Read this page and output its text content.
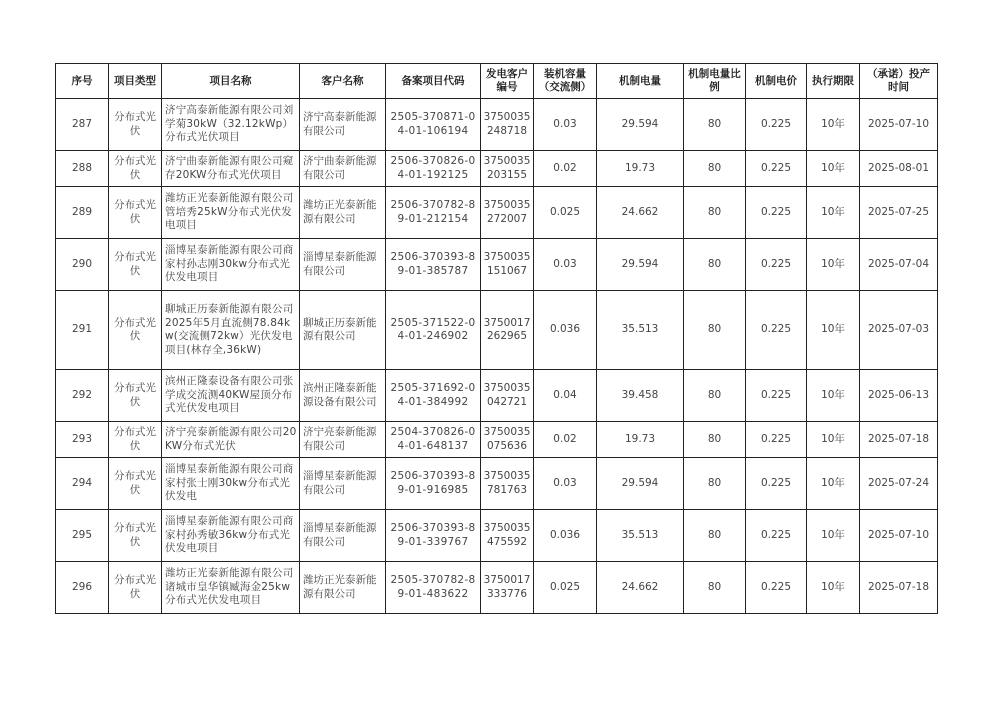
序号	项目类型	项目名称	客户名称	备案项目代码	发电客户编号	装机容量（交流侧）	机制电量	机制电量比例	机制电价	执行期限	（承诺）投产时间
287	分布式光伏	济宁高泰新能源有限公司刘学菊30kW（32.12kWp）分布式光伏项目	济宁高泰新能源有限公司	2505-370871-04-01-106194	3750035248718	0.03	29.594	80	0.225	10年	2025-07-10
288	分布式光伏	济宁曲泰新能源有限公司窥存20KW分布式光伏项目	济宁曲泰新能源有限公司	2506-370826-04-01-192125	3750035203155	0.02	19.73	80	0.225	10年	2025-08-01
289	分布式光伏	潍坊正光泰新能源有限公司管培秀25kW分布式光伏发电项目	潍坊正光泰新能源有限公司	2506-370782-89-01-212154	3750035272007	0.025	24.662	80	0.225	10年	2025-07-25
290	分布式光伏	淄博星泰新能源有限公司商家村孙志刚30kw分布式光伏发电项目	淄博星泰新能源有限公司	2506-370393-89-01-385787	3750035151067	0.03	29.594	80	0.225	10年	2025-07-04
291	分布式光伏	聊城正历泰新能源有限公司2025年5月直流侧78.84kw(交流侧72kw）光伏发电项目(林存全,36kW)	聊城正历泰新能源有限公司	2505-371522-04-01-246902	3750017262965	0.036	35.513	80	0.225	10年	2025-07-03
292	分布式光伏	滨州正隆泰设备有限公司张学成交流测40KW屋顶分布式光伏发电项目	滨州正隆泰新能源设备有限公司	2505-371692-04-01-384992	3750035042721	0.04	39.458	80	0.225	10年	2025-06-13
293	分布式光伏	济宁亮泰新能源有限公司20KW分布式光伏	济宁亮泰新能源有限公司	2504-370826-04-01-648137	3750035075636	0.02	19.73	80	0.225	10年	2025-07-18
294	分布式光伏	淄博星泰新能源有限公司商家村张士刚30kw分布式光伏发电	淄博星泰新能源有限公司	2506-370393-89-01-916985	3750035781763	0.03	29.594	80	0.225	10年	2025-07-24
295	分布式光伏	淄博星泰新能源有限公司商家村孙秀敏36kw分布式光伏发电项目	淄博星泰新能源有限公司	2506-370393-89-01-339767	3750035475592	0.036	35.513	80	0.225	10年	2025-07-10
296	分布式光伏	潍坊正光泰新能源有限公司诸城市皇华镇臧海金25kw分布式光伏发电项目	潍坊正光泰新能源有限公司	2505-370782-89-01-483622	3750017333776	0.025	24.662	80	0.225	10年	2025-07-18
